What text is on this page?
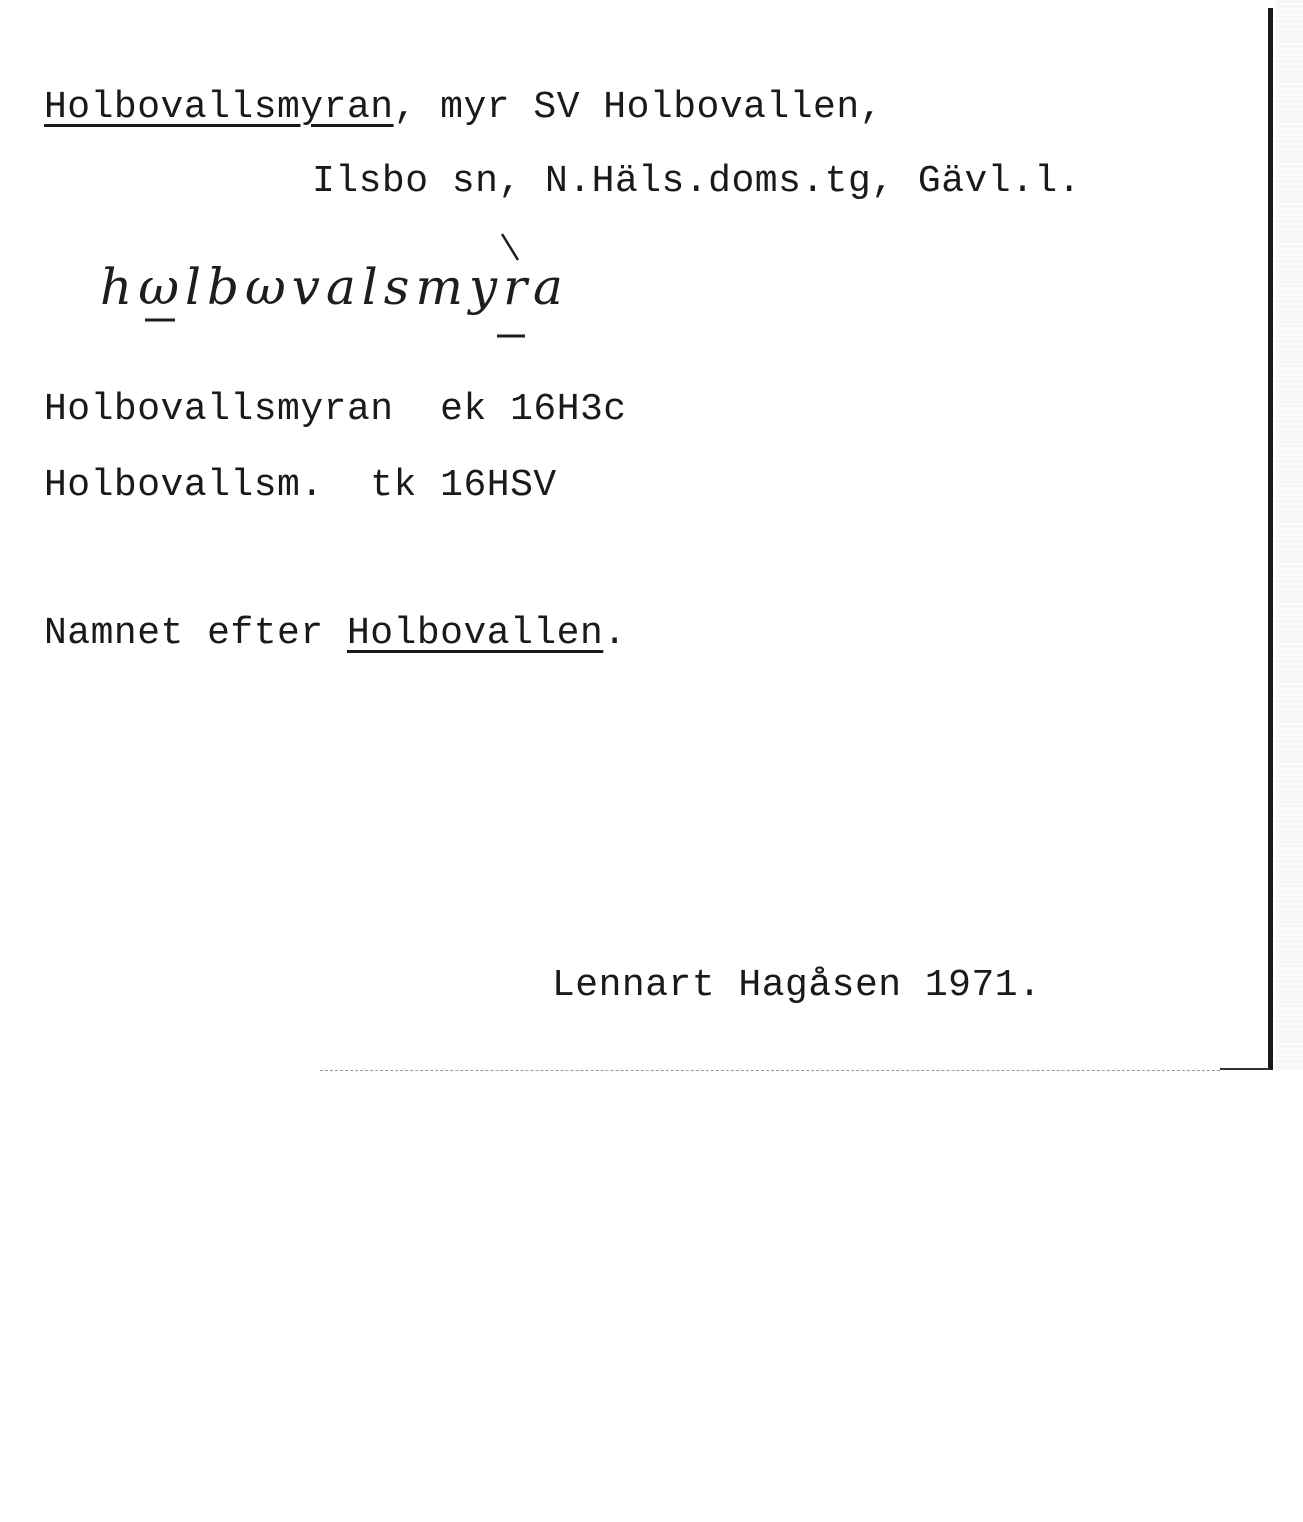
Holbovallsmyran, myr SV Holbovallen,
Ilsbo sn, N.Häls.doms.tg, Gävl.l.
hωlbωvalsmyra
Holbovallsmyran ek 16H3c
Holbovallsm. tk 16HSV
Namnet efter Holbovallen.
Lennart Hagåsen 1971.
